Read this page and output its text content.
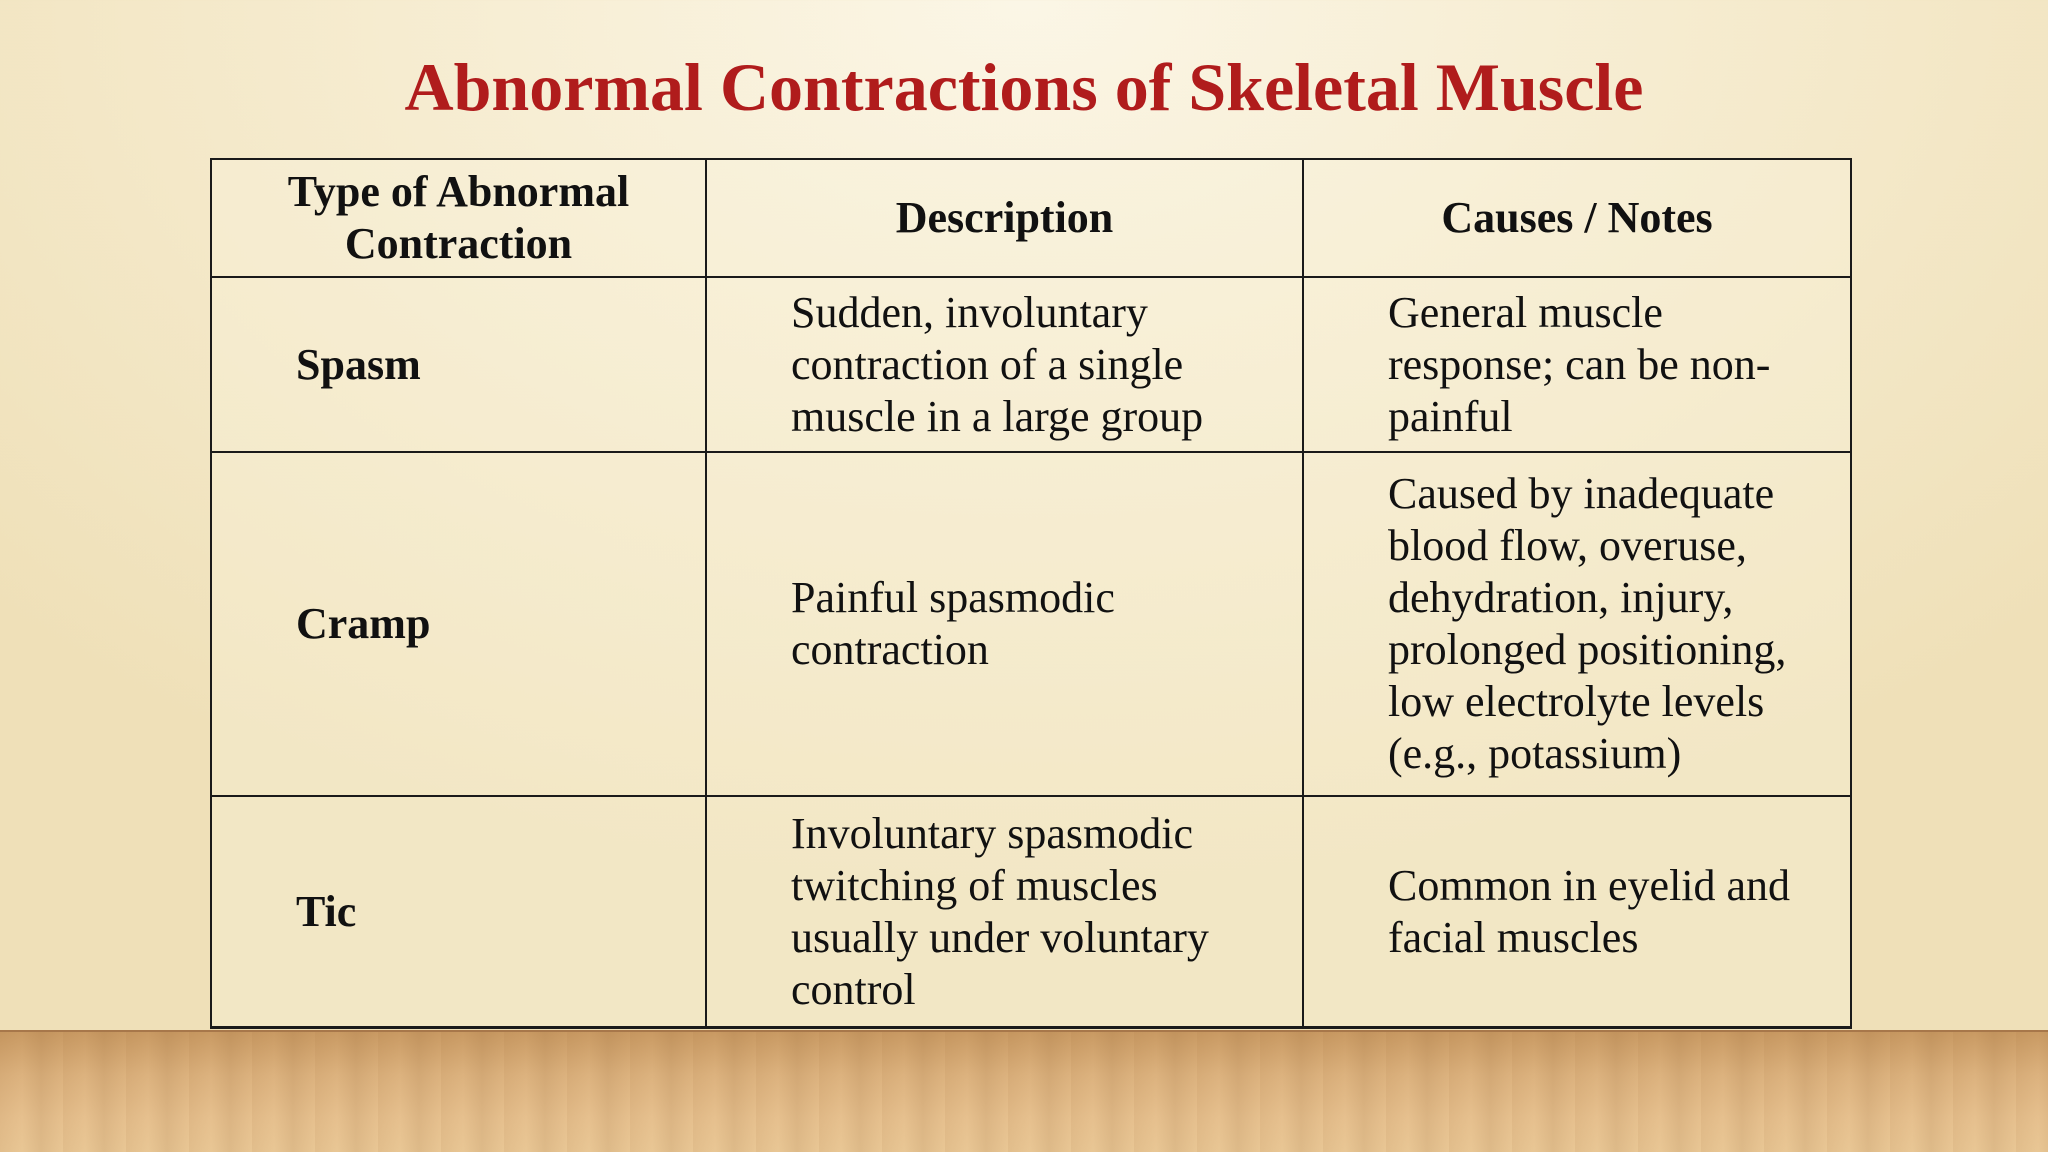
Abnormal Contractions of Skeletal Muscle
Type of Abnormal Contraction	Description	Causes / Notes
Spasm	Sudden, involuntary contraction of a single muscle in a large group	General muscle response; can be non-painful
Cramp	Painful spasmodic contraction	Caused by inadequate blood flow, overuse, dehydration, injury, prolonged positioning, low electrolyte levels (e.g., potassium)
Tic	Involuntary spasmodic twitching of muscles usually under voluntary control	Common in eyelid and facial muscles
